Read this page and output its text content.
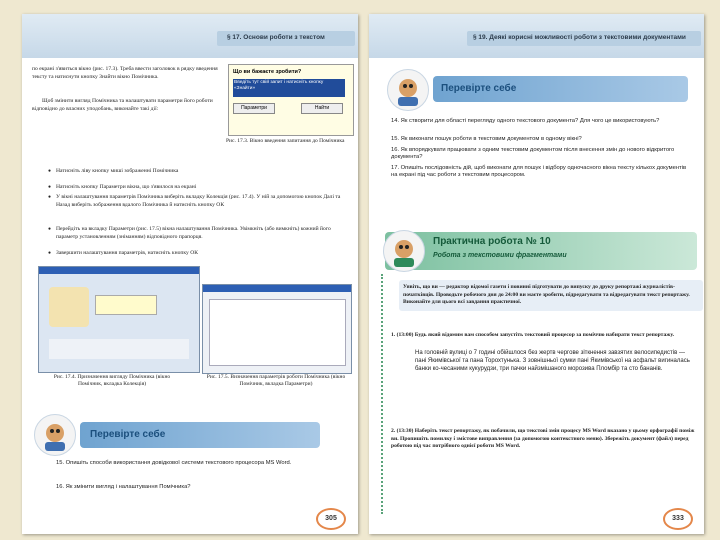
§ 17. Основи роботи з текстом
по екрані з'явиться вікно (рис. 17.3). Треба ввести заголовок в рядку введення тексту та натиснути кнопку Знайти вікно Помічника.
Щоб змінити вигляд Помічника та налаштувати параметри його роботи відповідно до власних уподобань, виконайте такі дії:
Що ви бажаєте зробити?
Введіть тут свій запит і натисніть кнопку «Знайти»
Параметри	Найти
Рис. 17.3. Вікно введення запитання до Помічника
● Натисніть ліву кнопку миші зображенні Помічника
● Натисніть кнопку Параметри вікна, що з'явилося на екрані
● У вікні налаштування параметрів Помічника виберіть вкладку Колекція (рис. 17.4). У ній за допомогою кнопок Далі та Назад виберіть зображення вдалого Помічника й натисніть кнопку ОК
● Перейдіть на вкладку Параметри (рис. 17.5) вікна налаштування Помічника. Увімкніть (або вимкніть) кожний його параметр установленням (зніманням) відповідного прапорця.
● Завершити налаштування параметрів, натисніть кнопку ОК
Рис. 17.4. Призначення вигляду Помічника (вікно Помічник, вкладка Колекція)
Рис. 17.5. Визначення параметрів роботи Помічника (вікно Помічник, вкладка Параметри)
Перевірте себе
15. Опишіть способи використання довідкової системи текстового процесора MS Word.
16. Як змінити вигляд і налаштування Помічника?
305
§ 19. Деякі корисні можливості роботи з текстовими документами
Перевірте себе
14. Як створити для області перегляду одного текстового документа? Для чого це використовують?
15. Як виконати пошук роботи в текстовим документом в одному вікні?
16. Як впорядкувати працювати з одним текстовим документом після внесення змін до нового відкритого документа?
17. Опишіть послідовність дій, щоб виконати для пошук і відбору одночасного вікна тексту кількох документів на екрані під час роботи з текстовим процесором.
Практична робота № 10
Робота з текстовими фрагментами
Уявіть, що ви — редактор відомої газети і повинні підготувати до випуску до друку репортажі журналістів-початківців. Проводьте робочого дня до 24:00 ви маєте зробити, підредагувати та відредагувати текст репортажу. Виконайте для цього всі завдання практичної.
1. (13:00) Будь який відомим вам способом запустіть текстовий процесор за поміччю набирати текст репортажу.
На головній вулиці о 7 годині обійшлося без жертв чергове зіткнення завзятих велосипедистів — пані Якимівської та пана Торохтунька. З зовнішньої сумки пані Якимівської на асфальт вигиналась банки ко-чесаними кукурудзи, три пачки найзмішаного морозива Пломбір та сто бананів.
2. (13:30) Наберіть текст репортажу, як побачили, що текстові змін процесу MS Word вказано у цьому орфографії поміж ви. Пропишіть помилку і змістове виправлення (за допомогою контекстного меню). Збережіть документ (файл) перед роботою під час потрібного однієї роботи MS Word.
333
